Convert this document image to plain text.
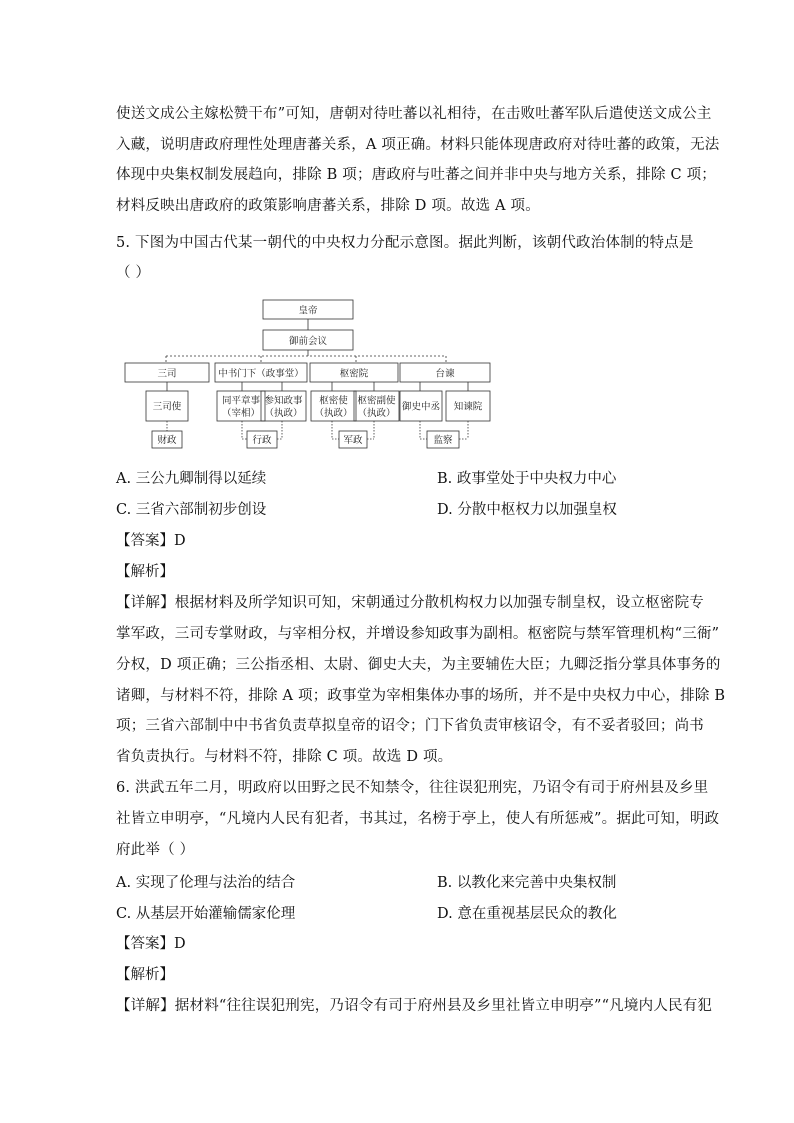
使送文成公主嫁松赞干布”可知，唐朝对待吐蕃以礼相待，在击败吐蕃军队后遣使送文成公主
入藏，说明唐政府理性处理唐蕃关系，A 项正确。材料只能体现唐政府对待吐蕃的政策，无法
体现中央集权制发展趋向，排除 B 项；唐政府与吐蕃之间并非中央与地方关系，排除 C 项；
材料反映出唐政府的政策影响唐蕃关系，排除 D 项。故选 A 项。
5. 下图为中国古代某一朝代的中央权力分配示意图。据此判断，该朝代政治体制的特点是
（ ）
皇帝
御前会议
三司	中书门下（政事堂）	枢密院	台谏
三司使
同平章事
（宰相）
参知政事
（执政）
枢密使
（执政）
枢密副使
（执政）
御史中丞 知谏院
财政	行政	军政	监察
A. 三公九卿制得以延续	B. 政事堂处于中央权力中心
C. 三省六部制初步创设	D. 分散中枢权力以加强皇权
【答案】D
【解析】
【详解】根据材料及所学知识可知，宋朝通过分散机构权力以加强专制皇权，设立枢密院专
掌军政，三司专掌财政，与宰相分权，并增设参知政事为副相。枢密院与禁军管理机构“三衙”
分权，D 项正确；三公指丞相、太尉、御史大夫，为主要辅佐大臣；九卿泛指分掌具体事务的
诸卿，与材料不符，排除 A 项；政事堂为宰相集体办事的场所，并不是中央权力中心，排除 B
项；三省六部制中中书省负责草拟皇帝的诏令；门下省负责审核诏令，有不妥者驳回；尚书
省负责执行。与材料不符，排除 C 项。故选 D 项。
6. 洪武五年二月，明政府以田野之民不知禁令，往往误犯刑宪，乃诏令有司于府州县及乡里
社皆立申明亭，“凡境内人民有犯者，书其过，名榜于亭上，使人有所惩戒”。据此可知，明政
府此举（ ）
A. 实现了伦理与法治的结合	B. 以教化来完善中央集权制
C. 从基层开始灌输儒家伦理	D. 意在重视基层民众的教化
【答案】D
【解析】
【详解】据材料“往往误犯刑宪，乃诏令有司于府州县及乡里社皆立申明亭”“凡境内人民有犯
